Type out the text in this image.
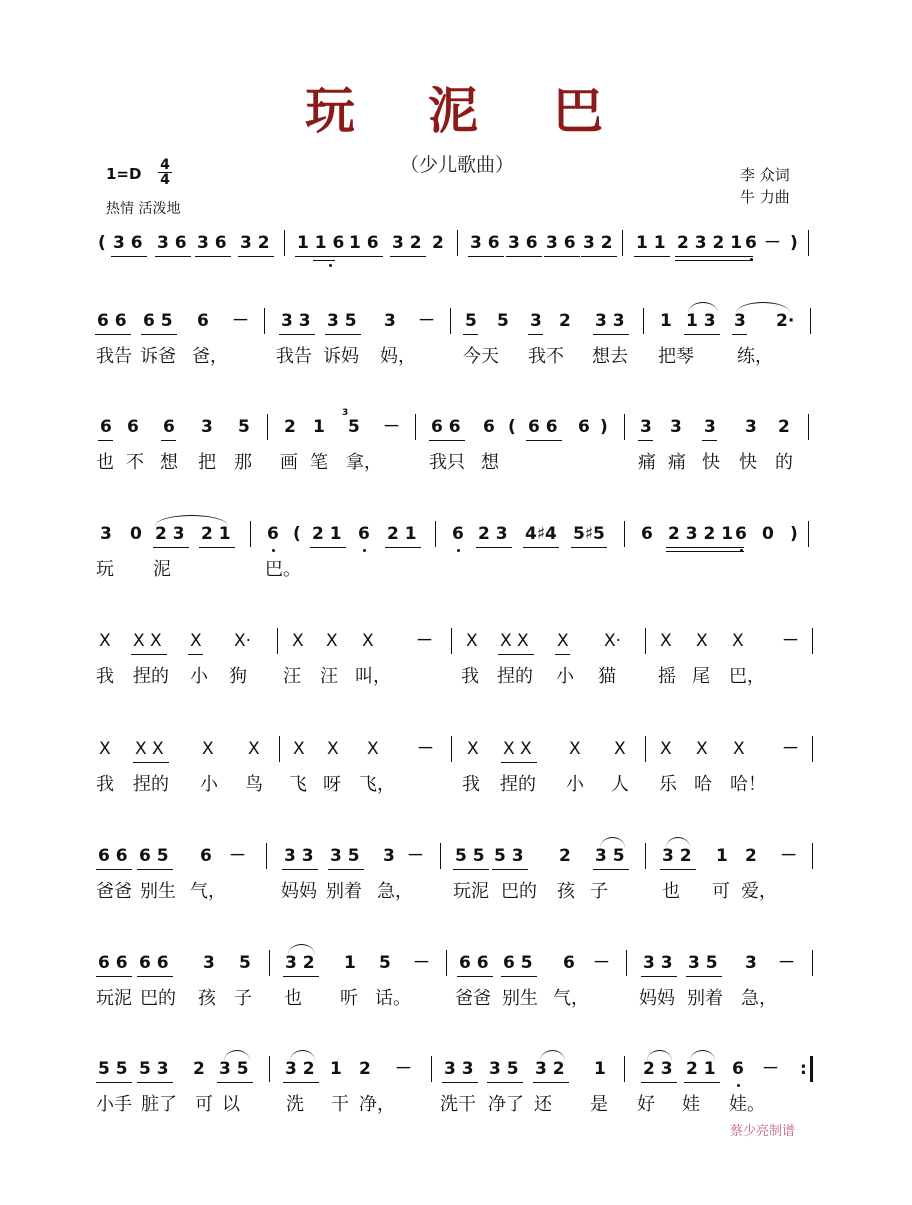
玩 泥 巴
（少儿歌曲）
1=D 4
4
热情 活泼地
李 众词
牛 力曲
( 3 6 3 6 3 6 3 2 1 1 6 1 6 3 2 2 3 6 3 6 3 6 3 2 1 1 2 3 2 1 6 － )
6 6 6 5 6 － 3 3 3 5 3 － 5 5 3 2 3 3 1 1 3 3 2·
我告 诉爸 爸，	我告 诉妈 妈，	今天 我不 想去 把琴 练，
6 6 6 3 5 2 1
3
5 － 6 6 6 ( 6 6 6 ) 3 3 3 3 2
也 不 想 把 那 画 笔 拿，	我只 想	痛 痛 快 快 的
3 0 2 3 2 1 6 ( 2 1 6 2 1 6 2 3 4♯4 5♯5 6 2 3 2 1 6 0 )
玩 泥	巴。
X X X X X· X X X － X X X X X· X X X －
我 捏的 小 狗 汪 汪 叫，	我 捏的 小 猫 摇 尾 巴，
X X X X X X X X － X X X X X X X X －
我 捏的 小 鸟 飞 呀 飞，	我 捏的 小 人 乐 哈 哈！
6 6 6 5 6 － 3 3 3 5 3 － 5 5 5 3 2 3 5 3 2 1 2 －
爸爸 别生 气，	妈妈 别着 急， 玩泥 巴的 孩 子	也 可 爱，
6 6 6 6 3 5 3 2 1 5 － 6 6 6 5 6 － 3 3 3 5 3 －
玩泥 巴的 孩 子 也 听 话。 爸爸 别生 气，	妈妈 别着 急，
5 5 5 3 2 3 5 3 2 1 2 － 3 3 3 5 3 2 1 2 3 2 1 6 － :
小手 脏了 可 以	洗 干 净，	洗干 净了 还 是 好 娃 娃。
蔡少亮制谱
